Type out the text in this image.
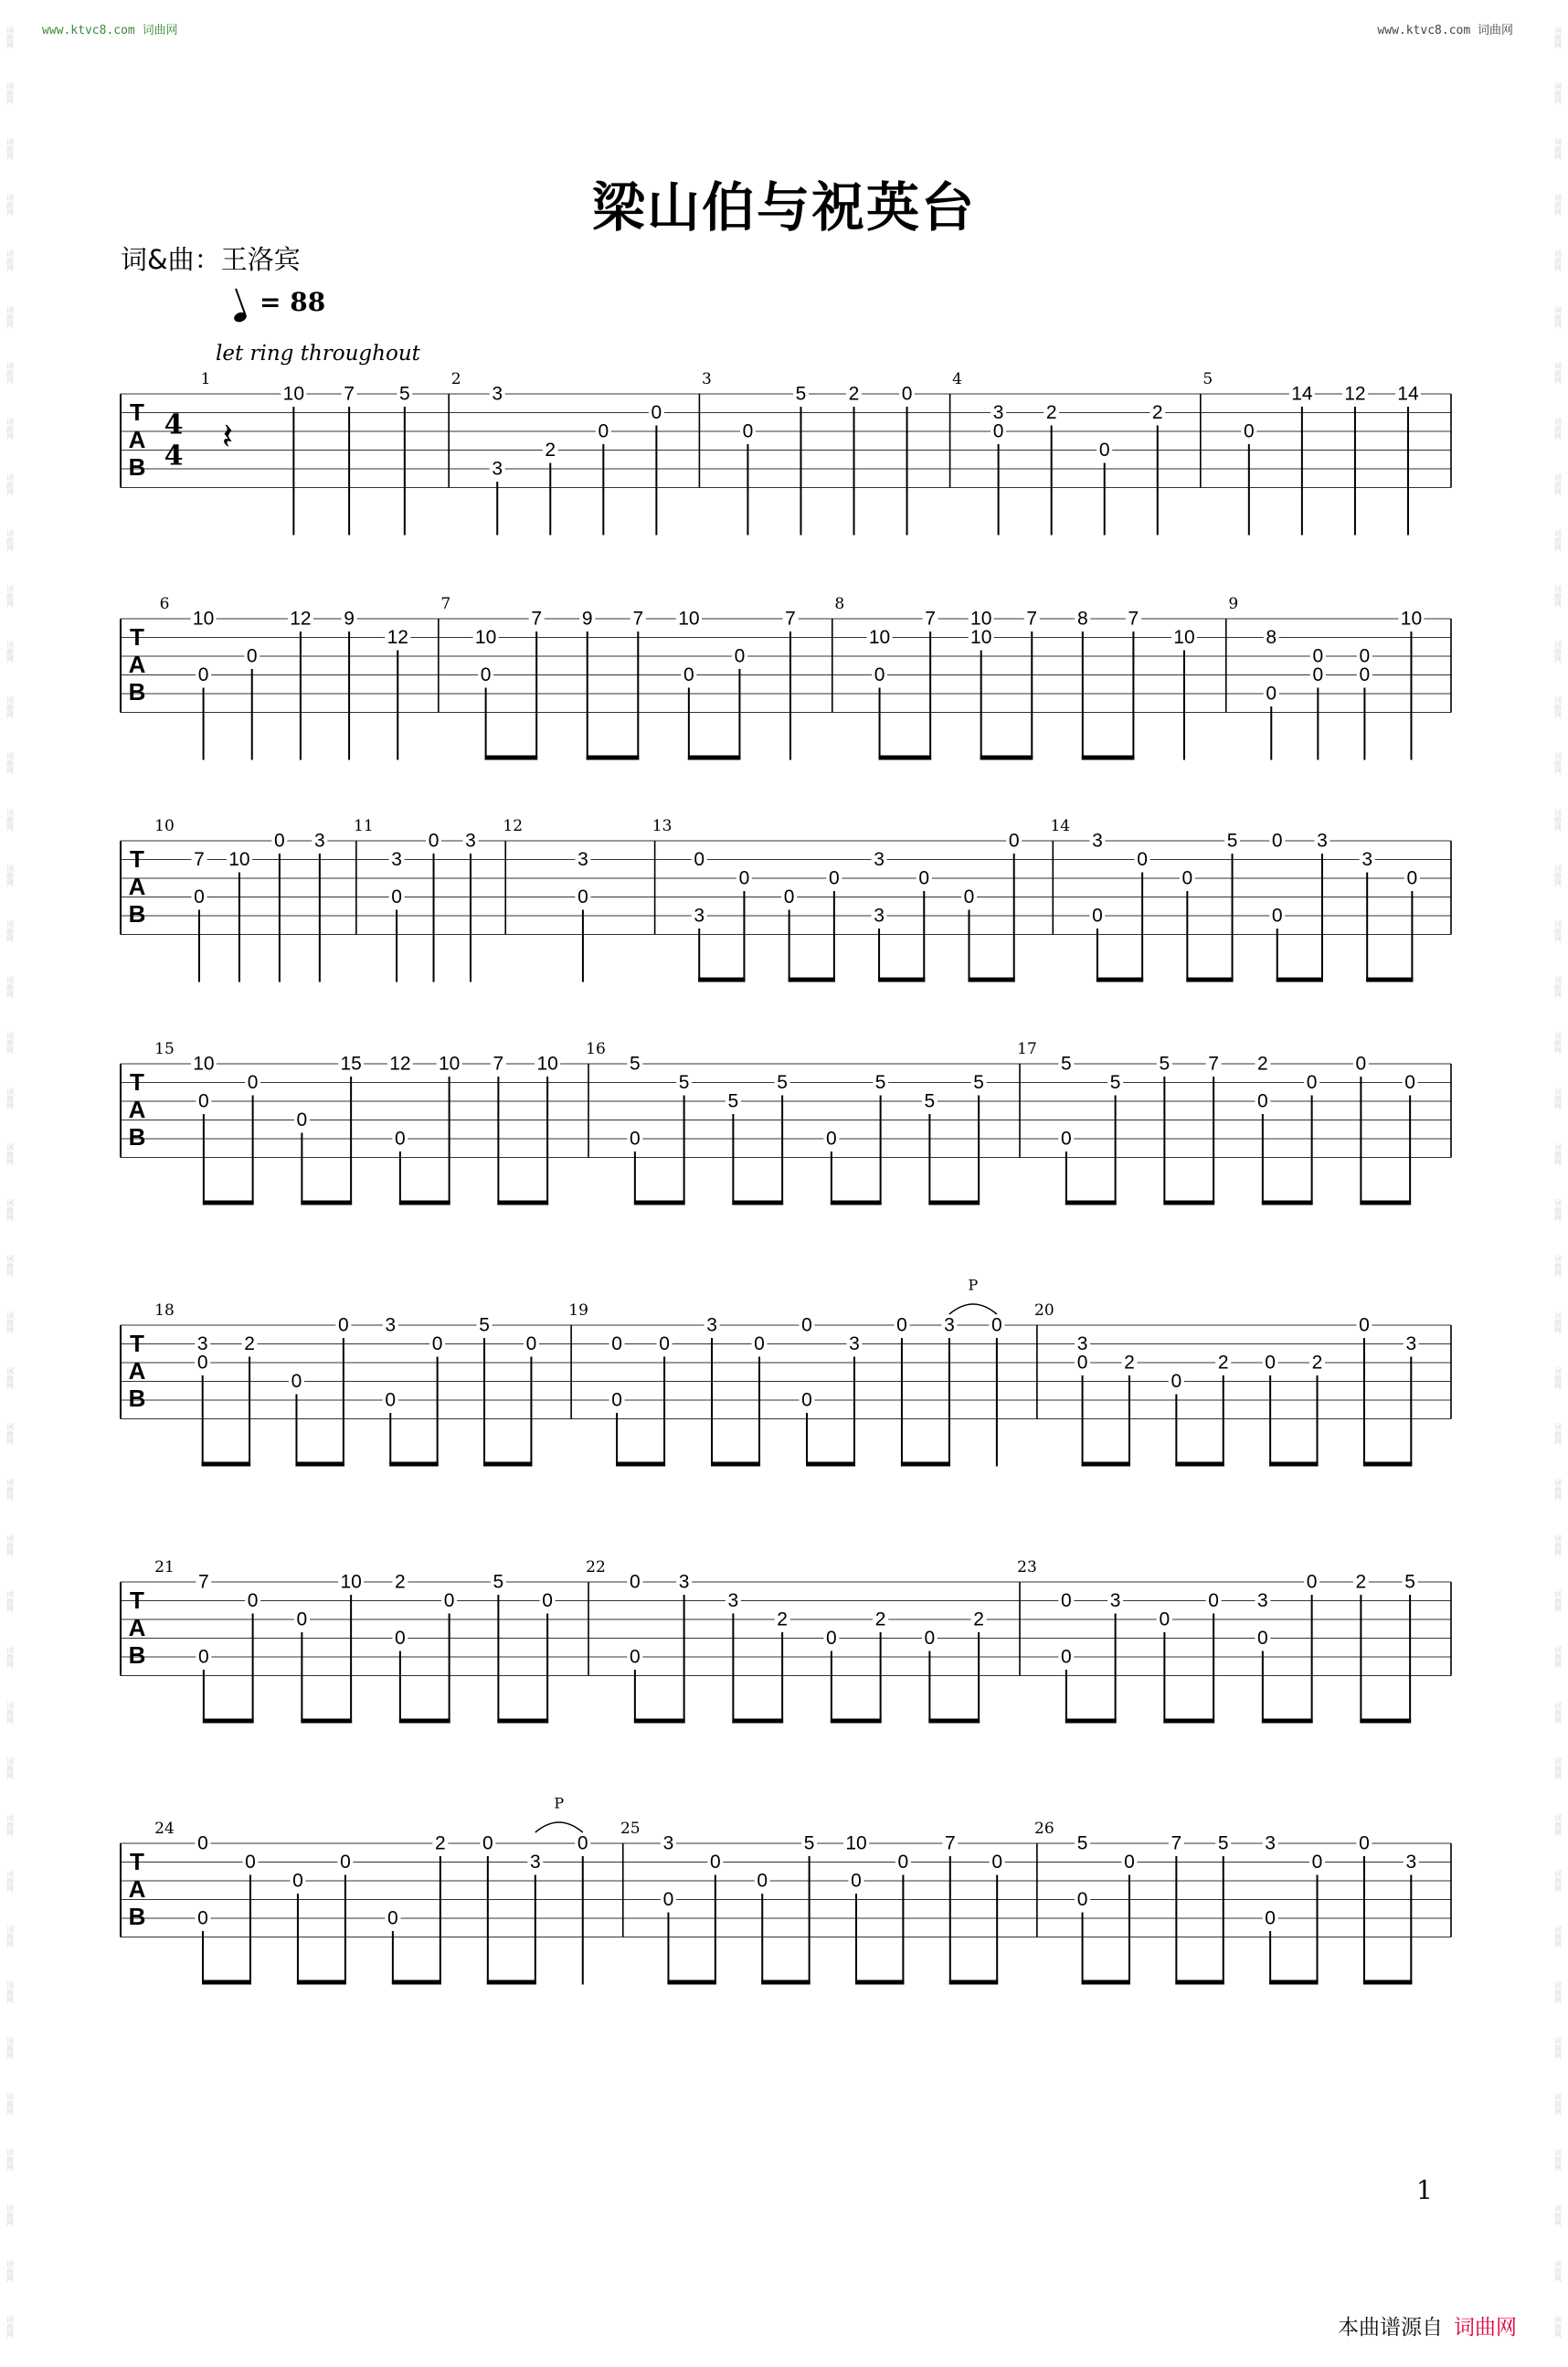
词
曲
网
词
曲
网
词
曲
网
词
曲
网
词
曲
网
词
曲
网
词
曲
网
词
曲
网
词
曲
网
词
曲
网
词
曲
网
词
曲
网
词
曲
网
词
曲
网
词
曲
网
词
曲
网
词
曲
网
词
曲
网
词
曲
网
词
曲
网
词
曲
网
词
曲
网
词
曲
网
词
曲
网
词
曲
网
词
曲
网
词
曲
网
词
曲
网
词
曲
网
词
曲
网
词
曲
网
词
曲
网
词
曲
网
词
曲
网
词
曲
网
词
曲
网
词
曲
网
词
曲
网
词
曲
网
词
曲
网
词
曲
网
词
曲
网
词
曲
网
词
曲
网
词
曲
网
词
曲
网
词
曲
网
词
曲
网
词
曲
网
词
曲
网
词
曲
网
词
曲
网
词
曲
网
词
曲
网
词
曲
网
词
曲
网
词
曲
网
词
曲
网
词
曲
网
词
曲
网
词
曲
网
词
曲
网
词
曲
网
词
曲
网
词
曲
网
词
曲
网
词
曲
网
词
曲
网
词
曲
网
词
曲
网
词
曲
网
词
曲
网
词
曲
网
词
曲
网
词
曲
网
词
曲
网
词
曲
网
词
曲
网
词
曲
网
词
曲
网
词
曲
网
词
曲
网
词
曲
网
词
曲
网
www.ktvc8.com 词曲网	www.ktvc8.com 词曲网
梁山伯与祝英台
词&曲：王洛宾
= 88
let ring throughout
T
A
B
4
4
1
𝄽
10 7 5
2
3
3
2
0
0
3
0
5 2 0
4
3
0
2
0
2
5
0
14 12 14
T
A
B
6
10
0
0
12 9
12
7
10
0
7 9 7 10
0
0
7
8
10
0
7 10
10
7 8 7
10
9
8
0
0
0
0
0
10
T
A
B
10
7
0
10
0 3
11
3
0
0 3
12
3
0
13
0
3
0
0
0
3
3
0
0
0
14
3
0
0
0
5 0
0
3
3
0
T
A
B
15
10
0
0
0
15 12
0
10 7 10
16
5
0
5
5
5
0
5
5
5
17
5
0
5
5 7 2
0
0
0
0
T
A
B
18
3
0
2
0
0 3
0
0
5
0
19
0
0
0
3
0
0
0
3
0 3 0
P
20
3
0 2
0
2 0 2
0
3
T
A
B
21
7
0
0
0
10 2
0
0
5
0
22
0
0
3
3
2
0
2
0
2
23
0
0
3
0
0 3
0
0 2 5
T
A
B
24
0
0
0
0
0
0
2 0
3
0
P
25
3
0
0
0
5 10
0
0
7
0
26
5
0
0
7 5 3
0
0
0
3
1
本曲谱源自 词曲网
